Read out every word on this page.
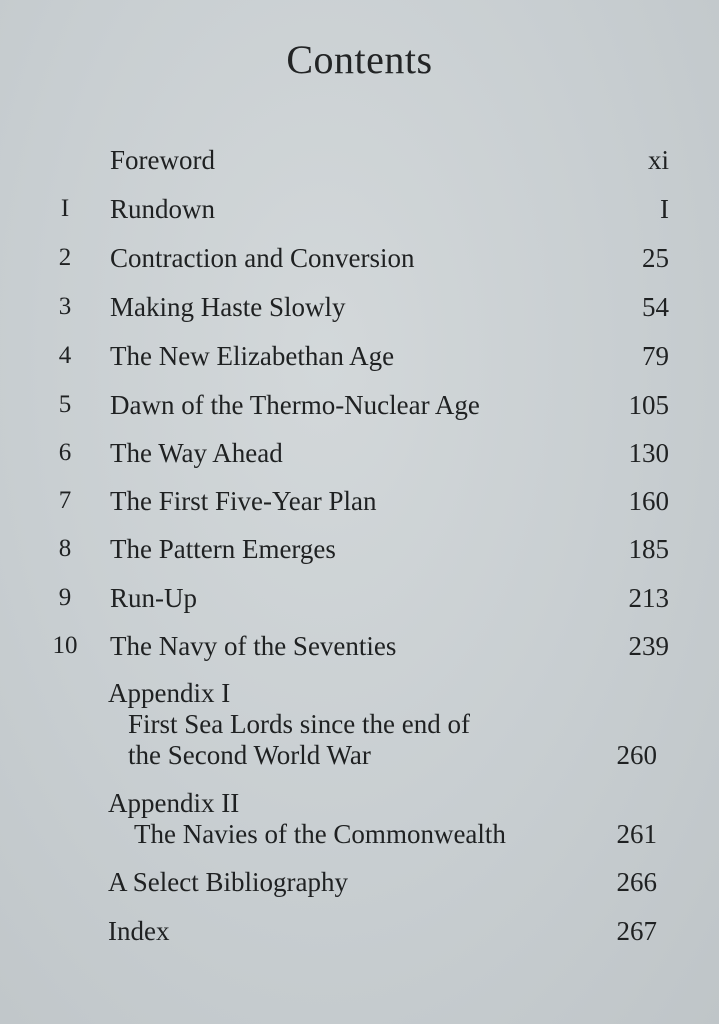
Contents
Foreword	xi
I	Rundown	I
2	Contraction and Conversion	25
3	Making Haste Slowly	54
4	The New Elizabethan Age	79
5	Dawn of the Thermo-Nuclear Age	105
6	The Way Ahead	130
7	The First Five-Year Plan	160
8	The Pattern Emerges	185
9	Run-Up	213
10	The Navy of the Seventies	239
Appendix I
First Sea Lords since the end of
the Second World War	260
Appendix II
The Navies of the Commonwealth	261
A Select Bibliography	266
Index	267
